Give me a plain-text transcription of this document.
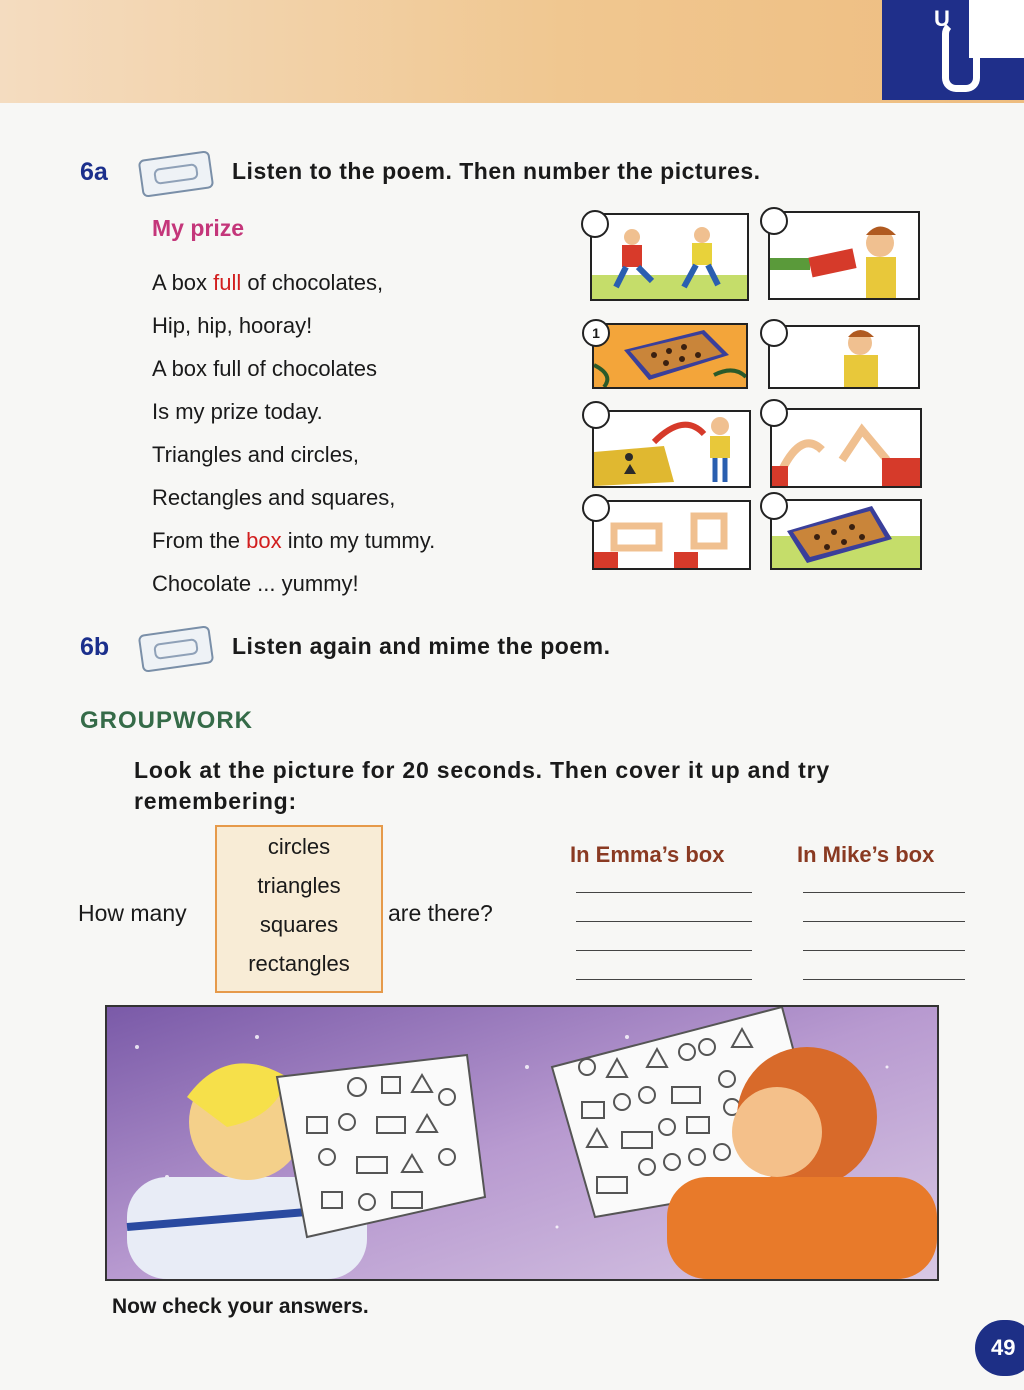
U
6a	Listen to the poem. Then number the pictures.
My prize
A box full of chocolates,
Hip, hip, hooray!
A box full of chocolates
Is my prize today.
Triangles and circles,
Rectangles and squares,
From the box into my tummy.
Chocolate ... yummy!
1
6b	Listen again and mime the poem.
GROUPWORK
Look at the picture for 20 seconds. Then cover it up and try remembering:
How many
circles
triangles
squares
rectangles
are there?
In Emma’s box	In Mike’s box
Now check your answers.
49
